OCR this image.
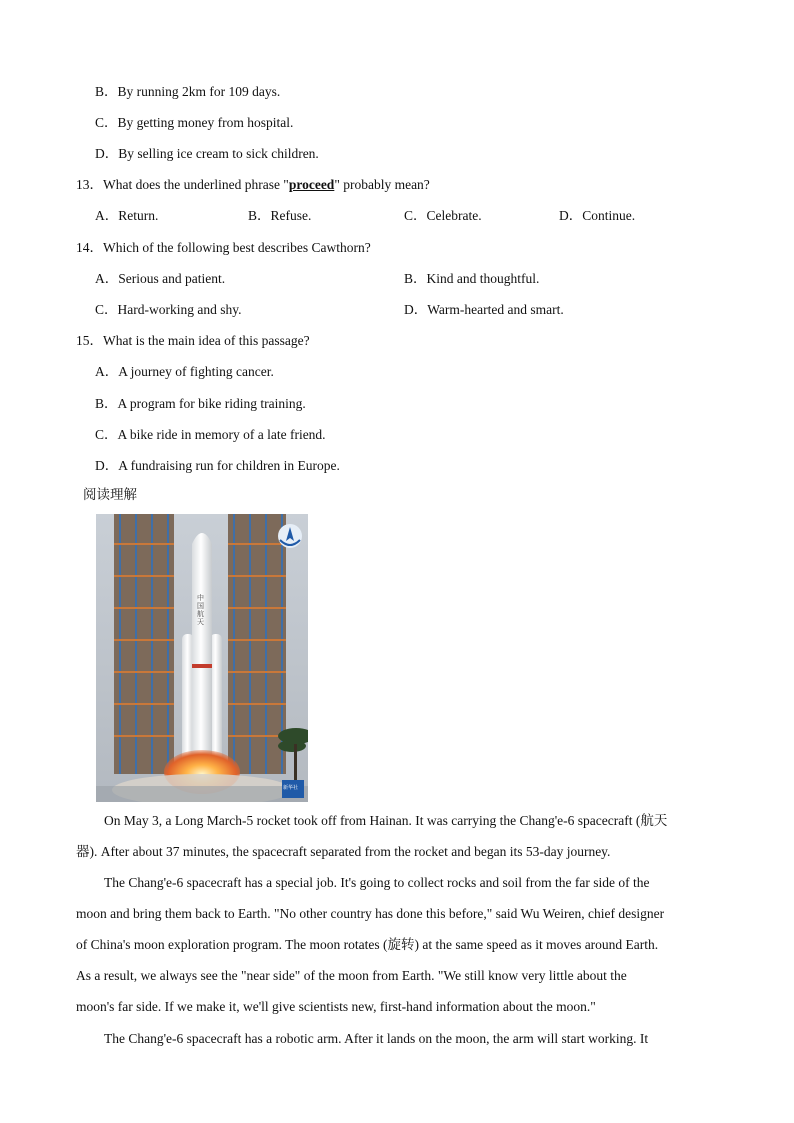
B．By running 2km for 109 days.
C．By getting money from hospital.
D．By selling ice cream to sick children.
13．What does the underlined phrase "proceed" probably mean?
A．Return.	B．Refuse.	C．Celebrate.	D．Continue.
14．Which of the following best describes Cawthorn?
A．Serious and patient.	B．Kind and thoughtful.
C．Hard-working and shy.	D．Warm-hearted and smart.
15．What is the main idea of this passage?
A．A journey of fighting cancer.
B．A program for bike riding training.
C．A bike ride in memory of a late friend.
D．A fundraising run for children in Europe.
阅读理解
中国航天
新华社
On May 3, a Long March-5 rocket took off from Hainan. It was carrying the Chang'e-6 spacecraft (航天
器). After about 37 minutes, the spacecraft separated from the rocket and began its 53-day journey.
The Chang'e-6 spacecraft has a special job. It's going to collect rocks and soil from the far side of the
moon and bring them back to Earth. "No other country has done this before," said Wu Weiren, chief designer
of China's moon exploration program. The moon rotates (旋转) at the same speed as it moves around Earth.
As a result, we always see the "near side" of the moon from Earth. "We still know very little about the
moon's far side. If we make it, we'll give scientists new, first-hand information about the moon."
The Chang'e-6 spacecraft has a robotic arm. After it lands on the moon, the arm will start working. It
